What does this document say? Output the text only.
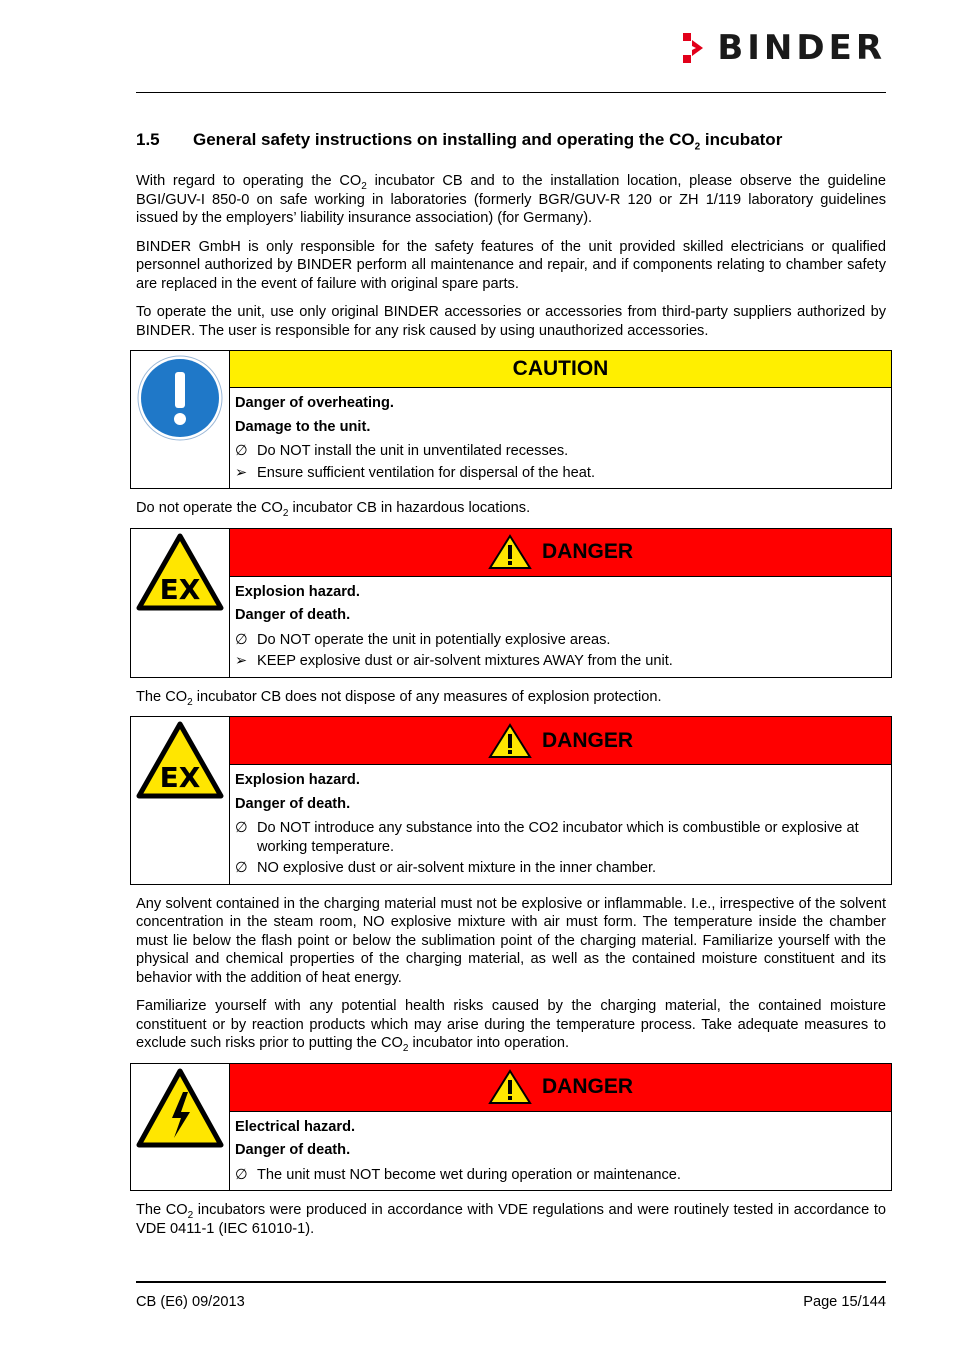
BINDER
1.5	General safety instructions on installing and operating the $CO_2$ incubator

With regard to operating the $CO_2$ incubator CB and to the installation location, please observe the guideline BGI/GUV-I 850-0 on safe working in laboratories (formerly BGR/GUV-R 120 or ZH 1/119 laboratory guidelines issued by the employers’ liability insurance association) (for Germany).

BINDER GmbH is only responsible for the safety features of the unit provided skilled electricians or qualified personnel authorized by BINDER perform all maintenance and repair, and if components relating to chamber safety are replaced in the event of failure with original spare parts.

To operate the unit, use only original BINDER accessories or accessories from third-party suppliers authorized by BINDER. The user is responsible for any risk caused by using unauthorized accessories.

CAUTION
Danger of overheating.
Damage to the unit.
∅ Do NOT install the unit in unventilated recesses.
➢ Ensure sufficient ventilation for dispersal of the heat.

Do not operate the $CO_2$ incubator CB in hazardous locations.

EX
DANGER
Explosion hazard.
Danger of death.
∅ Do NOT operate the unit in potentially explosive areas.
➢ KEEP explosive dust or air-solvent mixtures AWAY from the unit.

The $CO_2$ incubator CB does not dispose of any measures of explosion protection.

EX
DANGER
Explosion hazard.
Danger of death.
∅ Do NOT introduce any substance into the CO2 incubator which is combustible or explosive at working temperature.
∅ NO explosive dust or air-solvent mixture in the inner chamber.

Any solvent contained in the charging material must not be explosive or inflammable. I.e., irrespective of the solvent concentration in the steam room, NO explosive mixture with air must form. The temperature inside the chamber must lie below the flash point or below the sublimation point of the charging material. Familiarize yourself with the physical and chemical properties of the charging material, as well as the contained moisture constituent and its behavior with the addition of heat energy.

Familiarize yourself with any potential health risks caused by the charging material, the contained moisture constituent or by reaction products which may arise during the temperature process. Take adequate measures to exclude such risks prior to putting the $CO_2$ incubator into operation.

DANGER
Electrical hazard.
Danger of death.
∅ The unit must NOT become wet during operation or maintenance.

The $CO_2$ incubators were produced in accordance with VDE regulations and were routinely tested in accordance to VDE 0411-1 (IEC 61010-1).

CB (E6) 09/2013	Page 15/144
